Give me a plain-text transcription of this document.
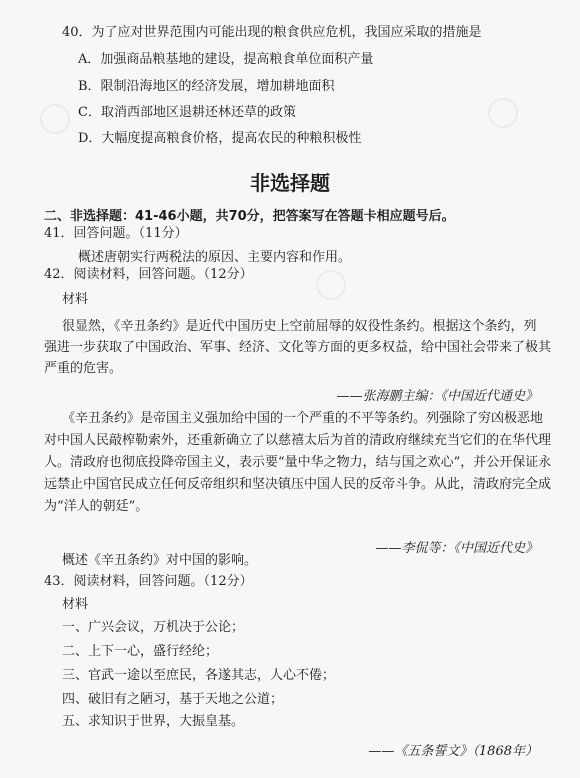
40．为了应对世界范围内可能出现的粮食供应危机，我国应采取的措施是
A．加强商品粮基地的建设，提高粮食单位面积产量
B．限制沿海地区的经济发展，增加耕地面积
C．取消西部地区退耕还林还草的政策
D．大幅度提高粮食价格，提高农民的种粮积极性
非选择题
二、非选择题：41-46小题，共70分，把答案写在答题卡相应题号后。
41．回答问题。（11分）
概述唐朝实行两税法的原因、主要内容和作用。
42．阅读材料，回答问题。（12分）
材料
很显然，《辛丑条约》是近代中国历史上空前屈辱的奴役性条约。根据这个条约，列
强进一步获取了中国政治、军事、经济、文化等方面的更多权益，给中国社会带来了极其
严重的危害。
——张海鹏主编：《中国近代通史》
《辛丑条约》是帝国主义强加给中国的一个严重的不平等条约。列强除了穷凶极恶地
对中国人民敲榨勒索外，还重新确立了以慈禧太后为首的清政府继续充当它们的在华代理
人。清政府也彻底投降帝国主义，表示要“量中华之物力，结与国之欢心”，并公开保证永
远禁止中国官民成立任何反帝组织和坚决镇压中国人民的反帝斗争。从此，清政府完全成
为“洋人的朝廷”。
——李侃等：《中国近代史》
概述《辛丑条约》对中国的影响。
43．阅读材料，回答问题。（12分）
材料
一、广兴会议，万机决于公论；
二、上下一心，盛行经纶；
三、官武一途以至庶民，各遂其志，人心不倦；
四、破旧有之陋习，基于天地之公道；
五、求知识于世界，大振皇基。
——《五条誓文》（1868年）
